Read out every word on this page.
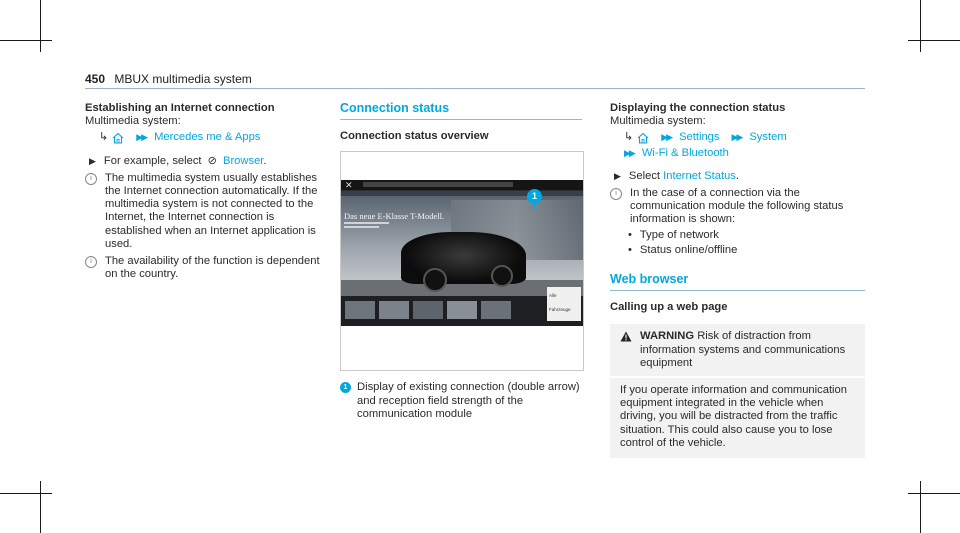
450 MBUX multimedia system
Establishing an Internet connection
Multimedia system:
↳	▶▶ Mercedes me & Apps
▶ For example, select ⊘ Browser.
i	The multimedia system usually establishes the Internet connection automatically. If the multimedia system is not connected to the Internet, the Internet connection is established when an Internet application is used.
i	The availability of the function is dependent on the country.
Connection status
Connection status overview
✕
Das neue E-Klasse T-Modell.
Alle Fahrzeuge
1
1 Display of existing connection (double arrow) and reception field strength of the communication module
Displaying the connection status
Multimedia system:
↳	▶▶ Settings ▶▶ System
▶▶ Wi-Fi & Bluetooth
▶ Select Internet Status.
i	In the case of a connection via the communication module the following status information is shown:
• Type of network
• Status online/offline
Web browser
Calling up a web page
WARNING Risk of distraction from information systems and communications equipment
If you operate information and communication equipment integrated in the vehicle when driving, you will be distracted from the traffic situation. This could also cause you to lose control of the vehicle.
